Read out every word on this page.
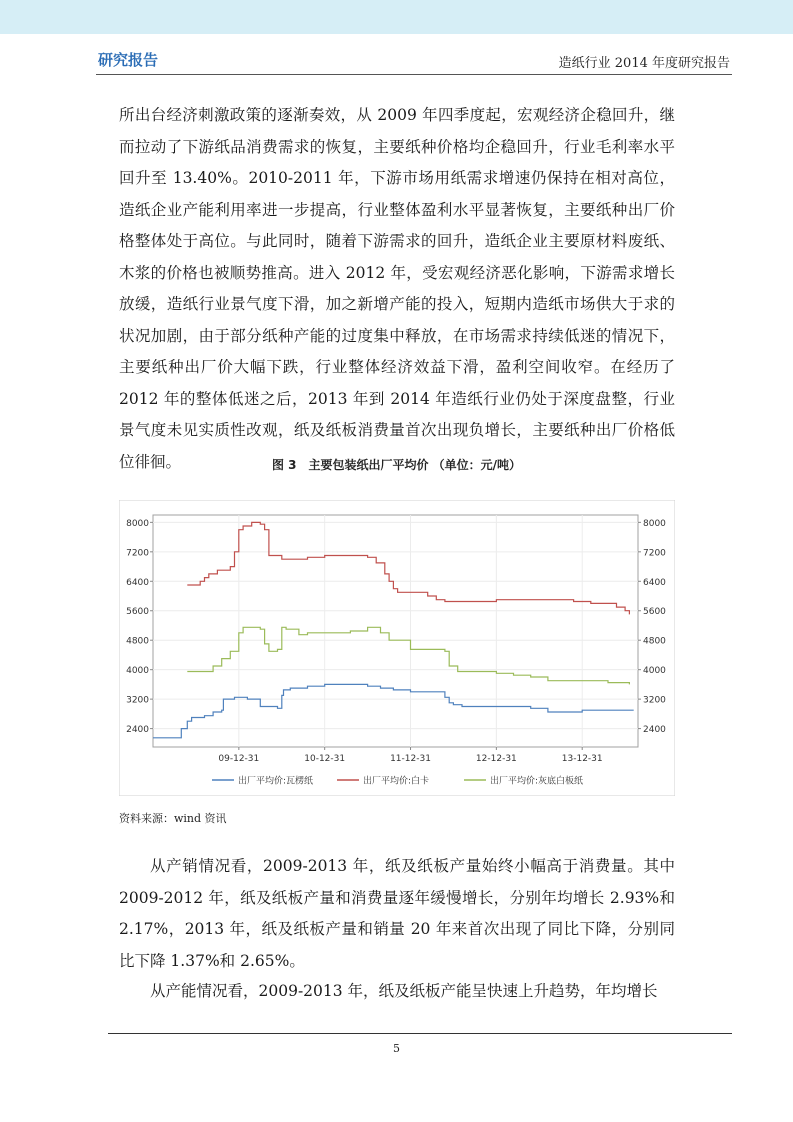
研究报告	造纸行业 2014 年度研究报告

所出台经济刺激政策的逐渐奏效，从 2009 年四季度起，宏观经济企稳回升，继而拉动了下游纸品消费需求的恢复，主要纸种价格均企稳回升，行业毛利率水平回升至 13.40%。2010-2011 年，下游市场用纸需求增速仍保持在相对高位，造纸企业产能利用率进一步提高，行业整体盈利水平显著恢复，主要纸种出厂价格整体处于高位。与此同时，随着下游需求的回升，造纸企业主要原材料废纸、木浆的价格也被顺势推高。进入 2012 年，受宏观经济恶化影响，下游需求增长放缓，造纸行业景气度下滑，加之新增产能的投入，短期内造纸市场供大于求的状况加剧，由于部分纸种产能的过度集中释放，在市场需求持续低迷的情况下，主要纸种出厂价大幅下跌，行业整体经济效益下滑，盈利空间收窄。在经历了 2012 年的整体低迷之后，2013 年到 2014 年造纸行业仍处于深度盘整，行业景气度未见实质性改观，纸及纸板消费量首次出现负增长，主要纸种出厂价格低位徘徊。	图 3　主要包装纸出厂平均价 （单位：元/吨）
2400
3200
4000
4800
5600
6400
7200
8000
2400
3200
4000
4800
5600
6400
7200
8000
09-12-31	10-12-31	11-12-31	12-12-31	13-12-31
出厂平均价:瓦楞纸	出厂平均价:白卡	出厂平均价:灰底白板纸
资料来源：wind 资讯

从产销情况看，2009-2013 年，纸及纸板产量始终小幅高于消费量。其中 2009-2012 年，纸及纸板产量和消费量逐年缓慢增长，分别年均增长 2.93%和 2.17%，2013 年，纸及纸板产量和销量 20 年来首次出现了同比下降，分别同比下降 1.37%和 2.65%。

从产能情况看，2009-2013 年，纸及纸板产能呈快速上升趋势，年均增长

5
